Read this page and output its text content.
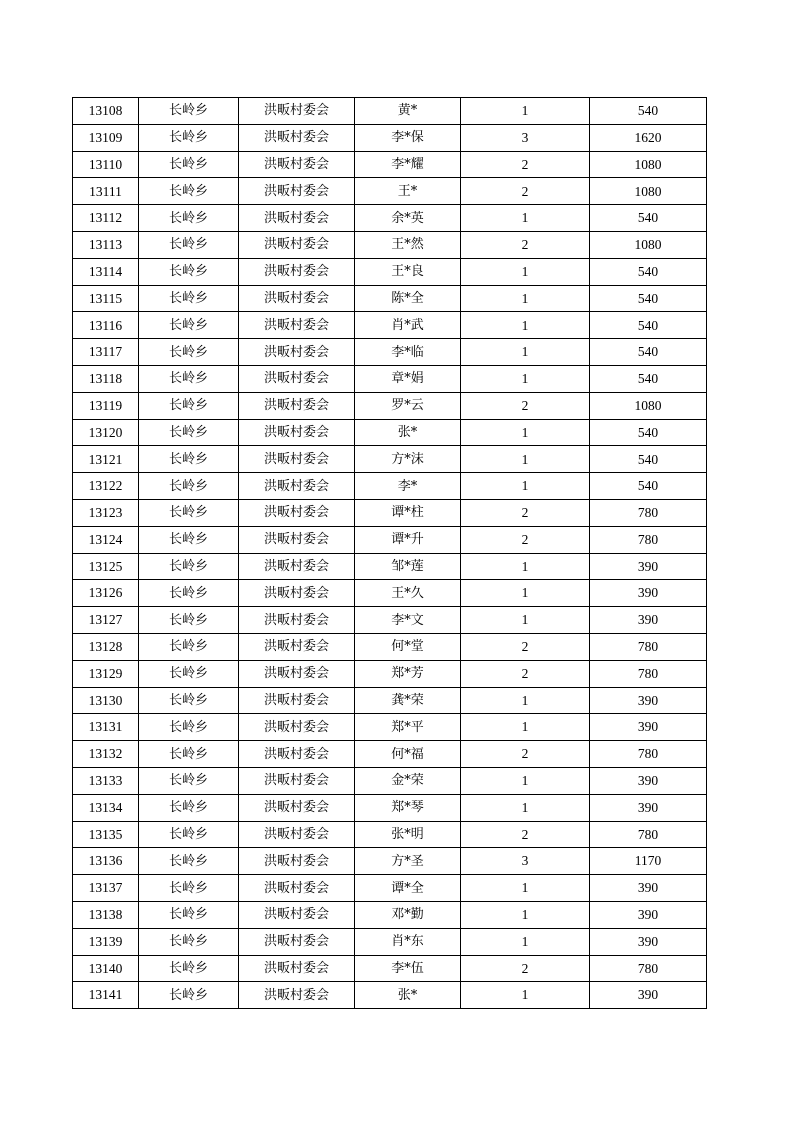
13108	长岭乡	洪畈村委会	黄*	1	540
13109	长岭乡	洪畈村委会	李*保	3	1620
13110	长岭乡	洪畈村委会	李*耀	2	1080
13111	长岭乡	洪畈村委会	王*	2	1080
13112	长岭乡	洪畈村委会	余*英	1	540
13113	长岭乡	洪畈村委会	王*然	2	1080
13114	长岭乡	洪畈村委会	王*良	1	540
13115	长岭乡	洪畈村委会	陈*全	1	540
13116	长岭乡	洪畈村委会	肖*武	1	540
13117	长岭乡	洪畈村委会	李*临	1	540
13118	长岭乡	洪畈村委会	章*娟	1	540
13119	长岭乡	洪畈村委会	罗*云	2	1080
13120	长岭乡	洪畈村委会	张*	1	540
13121	长岭乡	洪畈村委会	方*沫	1	540
13122	长岭乡	洪畈村委会	李*	1	540
13123	长岭乡	洪畈村委会	谭*柱	2	780
13124	长岭乡	洪畈村委会	谭*升	2	780
13125	长岭乡	洪畈村委会	邹*莲	1	390
13126	长岭乡	洪畈村委会	王*久	1	390
13127	长岭乡	洪畈村委会	李*文	1	390
13128	长岭乡	洪畈村委会	何*堂	2	780
13129	长岭乡	洪畈村委会	郑*芳	2	780
13130	长岭乡	洪畈村委会	龚*荣	1	390
13131	长岭乡	洪畈村委会	郑*平	1	390
13132	长岭乡	洪畈村委会	何*福	2	780
13133	长岭乡	洪畈村委会	金*荣	1	390
13134	长岭乡	洪畈村委会	郑*琴	1	390
13135	长岭乡	洪畈村委会	张*明	2	780
13136	长岭乡	洪畈村委会	方*圣	3	1170
13137	长岭乡	洪畈村委会	谭*全	1	390
13138	长岭乡	洪畈村委会	邓*勤	1	390
13139	长岭乡	洪畈村委会	肖*东	1	390
13140	长岭乡	洪畈村委会	李*伍	2	780
13141	长岭乡	洪畈村委会	张*	1	390
